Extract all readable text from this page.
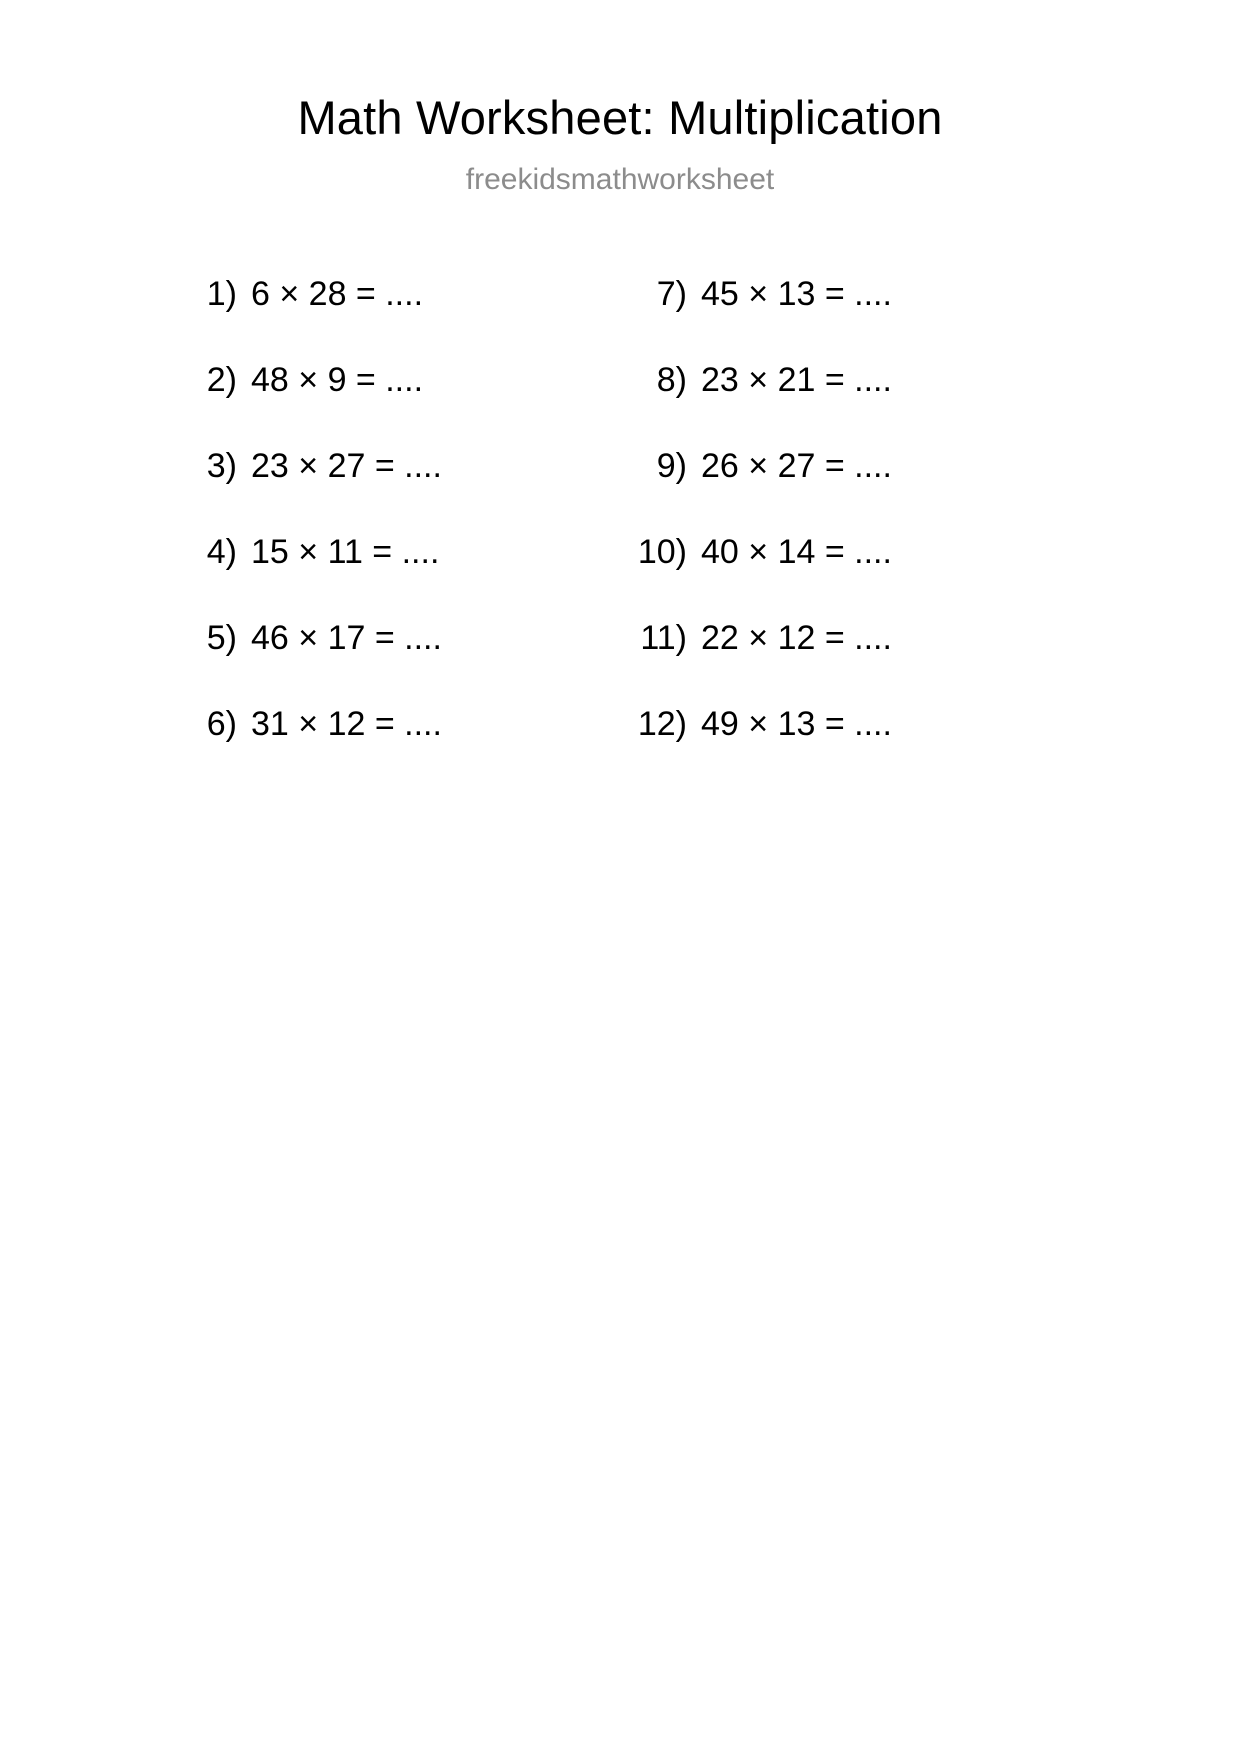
Math Worksheet: Multiplication
freekidsmathworksheet
1) 6 × 28 = ....	7) 45 × 13 = ....
2) 48 × 9 = ....	8) 23 × 21 = ....
3) 23 × 27 = ....	9) 26 × 27 = ....
4) 15 × 11 = ....	10) 40 × 14 = ....
5) 46 × 17 = ....	11) 22 × 12 = ....
6) 31 × 12 = ....	12) 49 × 13 = ....
